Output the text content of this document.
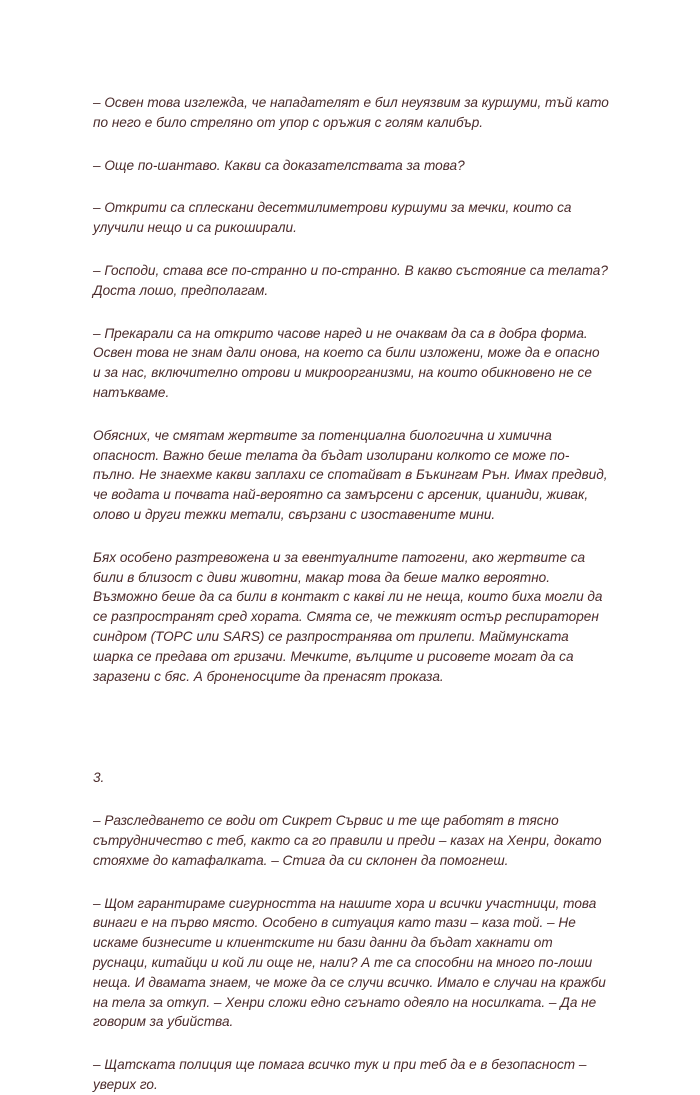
– Освен това изглежда, че нападателят е бил неуязвим за куршуми, тъй като
по него е било стреляно от упор с оръжия с голям калибър.

– Още по-шантаво. Какви са доказателствата за това?

– Открити са сплескани десетмилиметрови куршуми за мечки, които са
улучили нещо и са рикоширали.

– Господи, става все по-странно и по-странно. В какво състояние са телата?
Доста лошо, предполагам.

– Прекарали са на открито часове наред и не очаквам да са в добра форма.
Освен това не знам дали онова, на което са били изложени, може да е опасно
и за нас, включително отрови и микроорганизми, на които обикновено не се
натъкваме.

Обясних, че смятам жертвите за потенциална биологична и химична
опасност. Важно беше телата да бъдат изолирани колкото се може по-
пълно. Не знаехме какви заплахи се спотайват в Бъкингам Рън. Имах предвид,
че водата и почвата най-вероятно са замърсени с арсеник, цианиди, живак,
олово и други тежки метали, свързани с изоставените мини.

Бях особено разтревожена и за евентуалните патогени, ако жертвите са
били в близост с диви животни, макар това да беше малко вероятно.
Възможно беше да са били в контакт с каквi ли не неща, които биха могли да
се разпространят сред хората. Смята се, че тежкият остър респираторен
синдром (ТОРС или SARS) се разпространява от прилепи. Маймунската
шарка се предава от гризачи. Мечките, вълците и рисовете могат да са
заразени с бяс. А броненосците да пренасят проказа.

3.

– Разследването се води от Сикрет Сървис и те ще работят в тясно
сътрудничество с теб, както са го правили и преди – казах на Хенри, докато
стояхме до катафалката. – Стига да си склонен да помогнеш.

– Щом гарантираме сигурността на нашите хора и всички участници, това
винаги е на първо място. Особено в ситуация като тази – каза той. – Не
искаме бизнесите и клиентските ни бази данни да бъдат хакнати от
руснаци, китайци и кой ли още не, нали? А те са способни на много по-лоши
неща. И двамата знаем, че може да се случи всичко. Имало е случаи на кражби
на тела за откуп. – Хенри сложи едно сгънато одеяло на носилката. – Да не
говорим за убийства.

– Щатската полиция ще помага всичко тук и при теб да е в безопасност –
уверих го.
